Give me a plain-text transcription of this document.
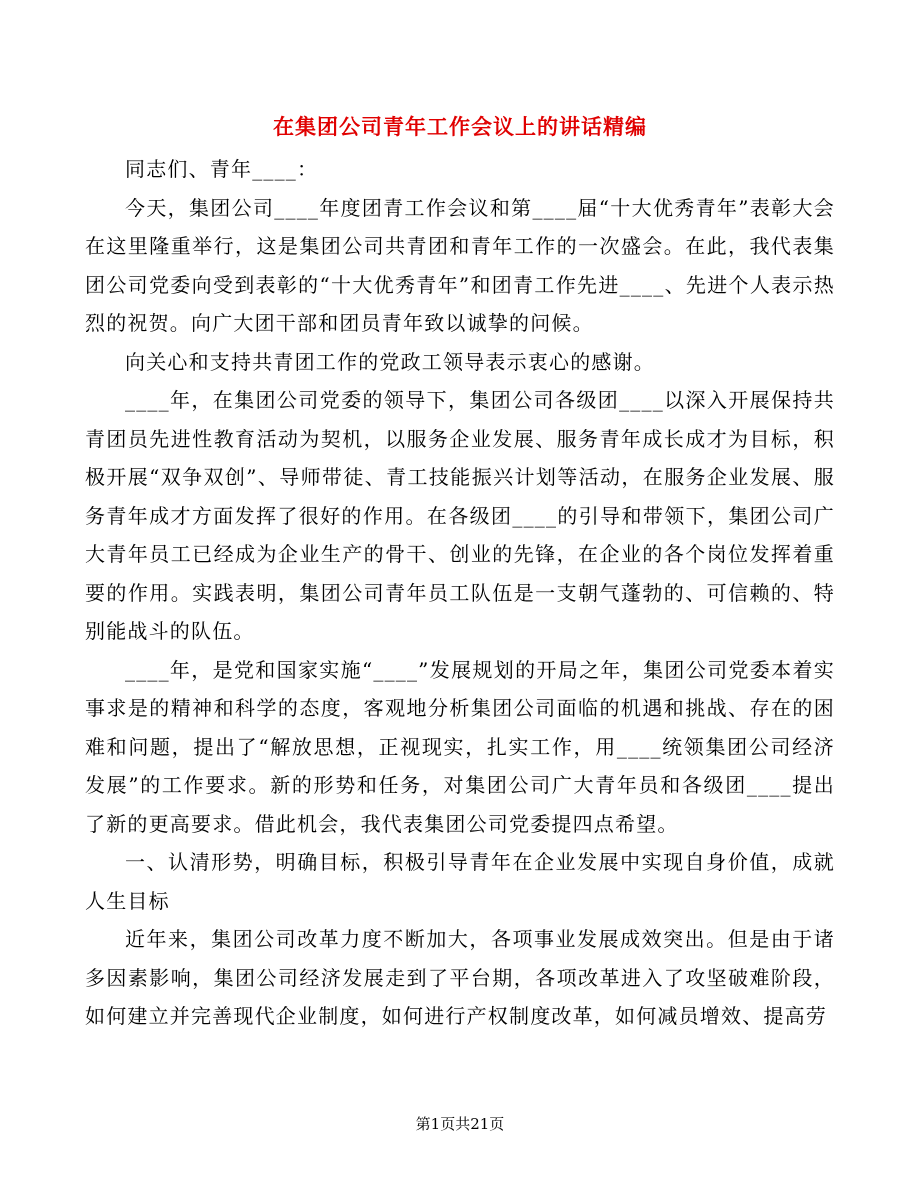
在集团公司青年工作会议上的讲话精编

同志们、青年____：

今天，集团公司____年度团青工作会议和第____届“十大优秀青年”表彰大会在这里隆重举行，这是集团公司共青团和青年工作的一次盛会。在此，我代表集团公司党委向受到表彰的“十大优秀青年”和团青工作先进____、先进个人表示热烈的祝贺。向广大团干部和团员青年致以诚挚的问候。

向关心和支持共青团工作的党政工领导表示衷心的感谢。

____年，在集团公司党委的领导下，集团公司各级团____以深入开展保持共青团员先进性教育活动为契机，以服务企业发展、服务青年成长成才为目标，积极开展“双争双创”、导师带徒、青工技能振兴计划等活动，在服务企业发展、服务青年成才方面发挥了很好的作用。在各级团____的引导和带领下，集团公司广大青年员工已经成为企业生产的骨干、创业的先锋，在企业的各个岗位发挥着重要的作用。实践表明，集团公司青年员工队伍是一支朝气蓬勃的、可信赖的、特别能战斗的队伍。

____年，是党和国家实施“____”发展规划的开局之年，集团公司党委本着实事求是的精神和科学的态度，客观地分析集团公司面临的机遇和挑战、存在的困难和问题，提出了“解放思想，正视现实，扎实工作，用____统领集团公司经济发展”的工作要求。新的形势和任务，对集团公司广大青年员和各级团____提出了新的更高要求。借此机会，我代表集团公司党委提四点希望。

一、认清形势，明确目标，积极引导青年在企业发展中实现自身价值，成就人生目标

近年来，集团公司改革力度不断加大，各项事业发展成效突出。但是由于诸多因素影响，集团公司经济发展走到了平台期，各项改革进入了攻坚破难阶段，如何建立并完善现代企业制度，如何进行产权制度改革，如何减员增效、提高劳

第1页共21页
